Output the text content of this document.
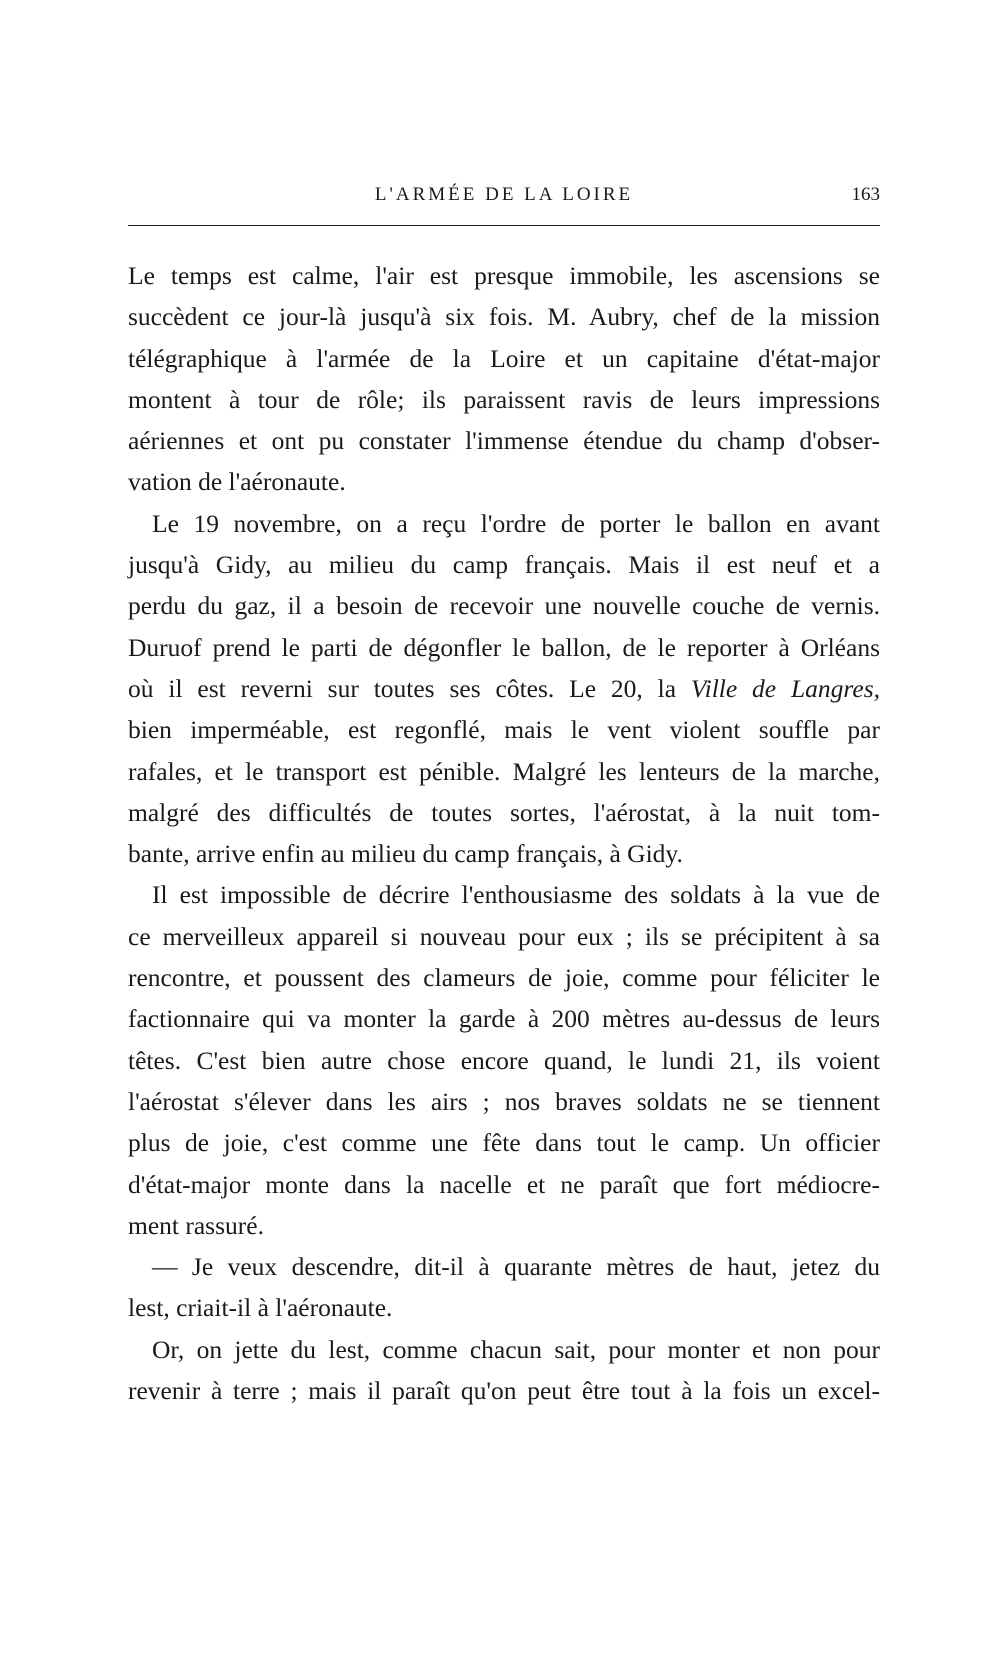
L'ARMÉE DE LA LOIRE	163
Le temps est calme, l'air est presque immobile, les ascensions se
succèdent ce jour-là jusqu'à six fois. M. Aubry, chef de la mission
télégraphique à l'armée de la Loire et un capitaine d'état-major
montent à tour de rôle; ils paraissent ravis de leurs impressions
aériennes et ont pu constater l'immense étendue du champ d'obser-
vation de l'aéronaute.
Le 19 novembre, on a reçu l'ordre de porter le ballon en avant
jusqu'à Gidy, au milieu du camp français. Mais il est neuf et a
perdu du gaz, il a besoin de recevoir une nouvelle couche de vernis.
Duruof prend le parti de dégonfler le ballon, de le reporter à Orléans
où il est reverni sur toutes ses côtes. Le 20, la Ville de Langres,
bien imperméable, est regonflé, mais le vent violent souffle par
rafales, et le transport est pénible. Malgré les lenteurs de la marche,
malgré des difficultés de toutes sortes, l'aérostat, à la nuit tom-
bante, arrive enfin au milieu du camp français, à Gidy.
Il est impossible de décrire l'enthousiasme des soldats à la vue de
ce merveilleux appareil si nouveau pour eux ; ils se précipitent à sa
rencontre, et poussent des clameurs de joie, comme pour féliciter le
factionnaire qui va monter la garde à 200 mètres au-dessus de leurs
têtes. C'est bien autre chose encore quand, le lundi 21, ils voient
l'aérostat s'élever dans les airs ; nos braves soldats ne se tiennent
plus de joie, c'est comme une fête dans tout le camp. Un officier
d'état-major monte dans la nacelle et ne paraît que fort médiocre-
ment rassuré.
— Je veux descendre, dit-il à quarante mètres de haut, jetez du
lest, criait-il à l'aéronaute.
Or, on jette du lest, comme chacun sait, pour monter et non pour
revenir à terre ; mais il paraît qu'on peut être tout à la fois un excel-
